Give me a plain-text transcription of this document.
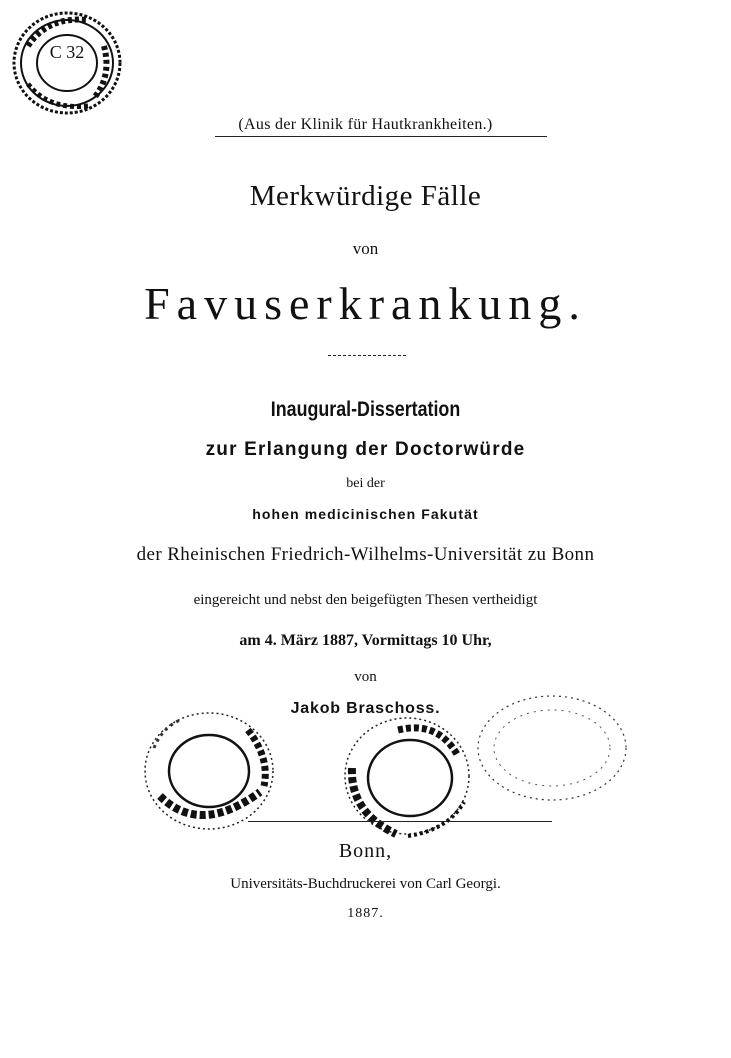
C 32
(Aus der Klinik für Hautkrankheiten.)
Merkwürdige Fälle
von
Favuserkrankung.
Inaugural-Dissertation
zur Erlangung der Doctorwürde
bei der
hohen medicinischen Fakutät
der Rheinischen Friedrich-Wilhelms-Universität zu Bonn
eingereicht und nebst den beigefügten Thesen vertheidigt
am 4. März 1887, Vormittags 10 Uhr,
von
Jakob Braschoss.
Bonn,
Universitäts-Buchdruckerei von Carl Georgi.
1887.
